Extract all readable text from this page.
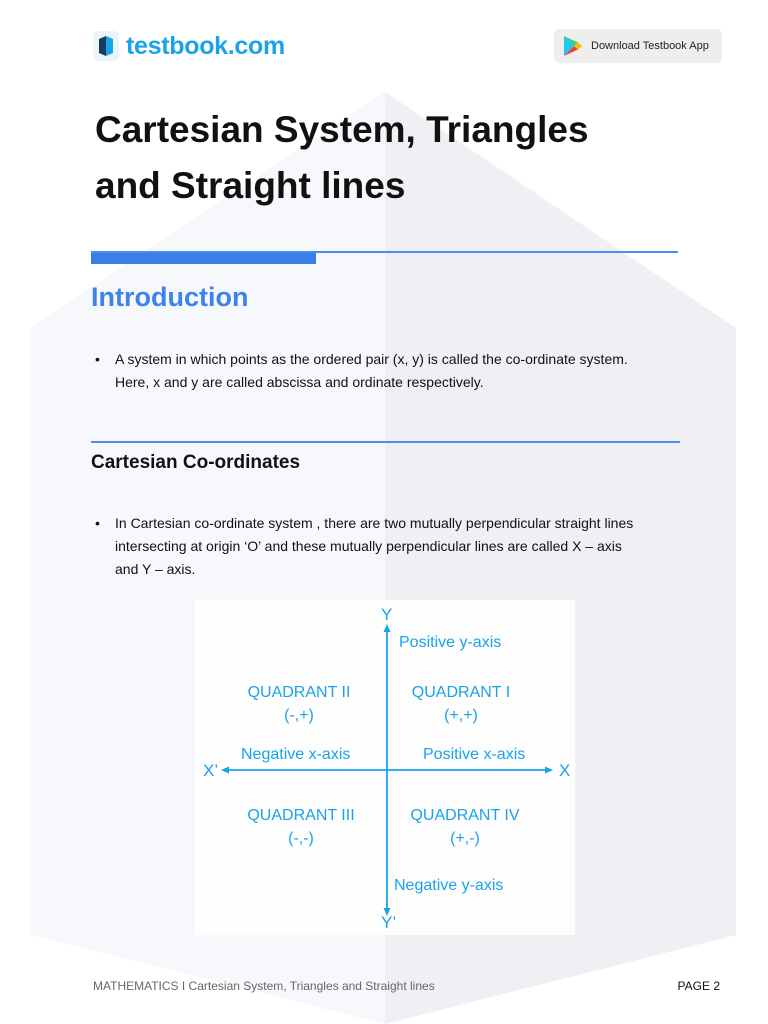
testbook.com	Download Testbook App
Cartesian System, Triangles
and Straight lines
Introduction
• A system in which points as the ordered pair (x, y) is called the co-ordinate system.
Here, x and y are called abscissa and ordinate respectively.
Cartesian Co-ordinates
• In Cartesian co-ordinate system , there are two mutually perpendicular straight lines
intersecting at origin ‘O’ and these mutually perpendicular lines are called X – axis
and Y – axis.
Y
Y’
X
X’
Positive y-axis
Negative y-axis
Negative x-axis	Positive x-axis
QUADRANT II
(-,+)
QUADRANT I
(+,+)
QUADRANT III
(-,-)
QUADRANT IV
(+,-)
MATHEMATICS I Cartesian System, Triangles and Straight lines	PAGE 2
